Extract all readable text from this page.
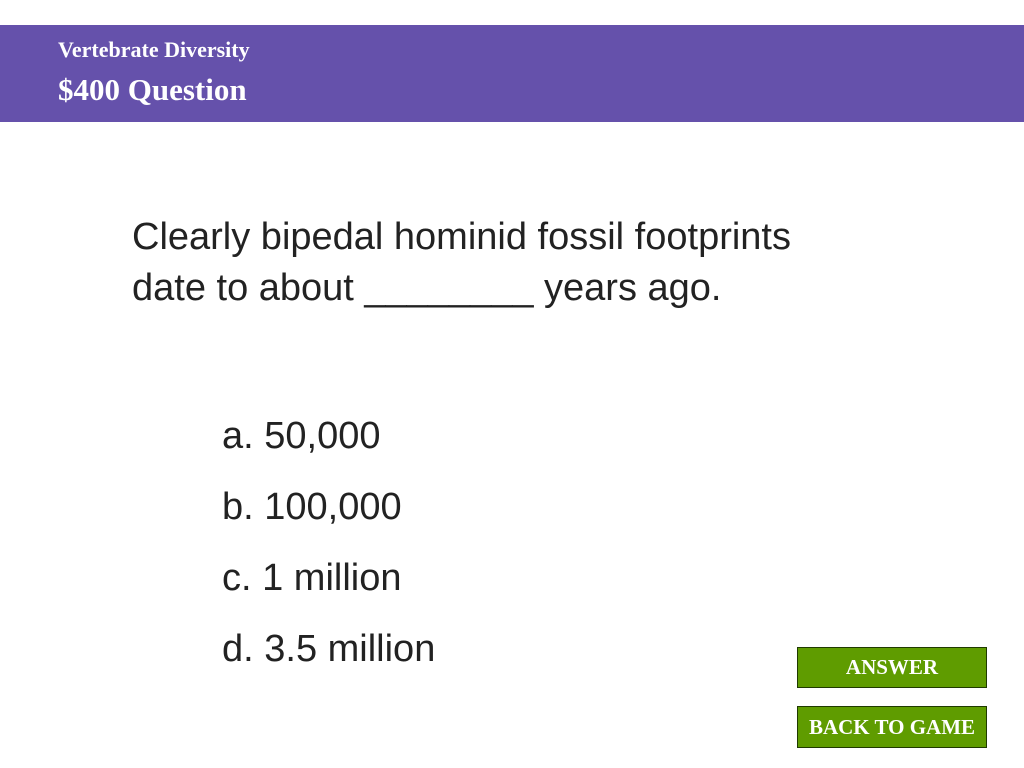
Vertebrate Diversity
$400 Question
Clearly bipedal hominid fossil footprints
date to about ________ years ago.
a. 50,000
b. 100,000
c. 1 million
d. 3.5 million	ANSWER
BACK TO GAME
